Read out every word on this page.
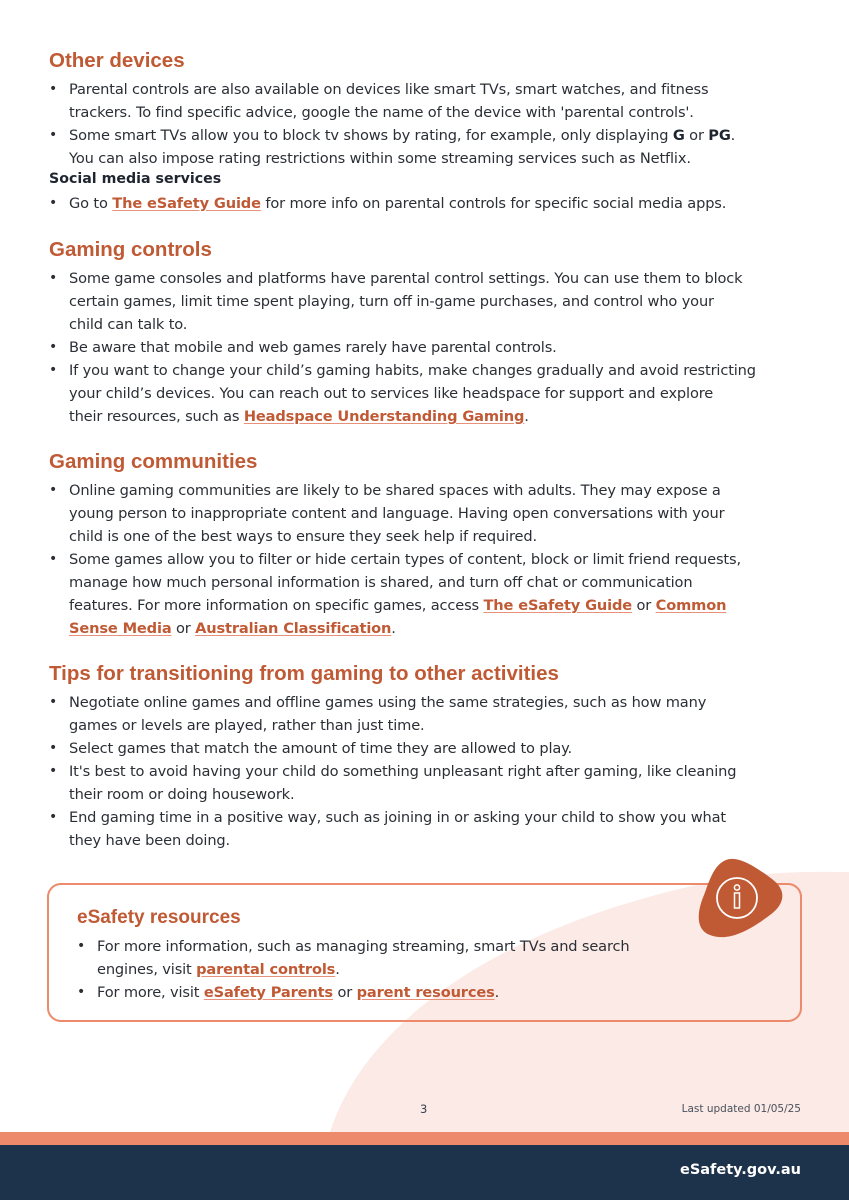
Other devices
• Parental controls are also available on devices like smart TVs, smart watches, and fitness
trackers. To find specific advice, google the name of the device with 'parental controls'.
• Some smart TVs allow you to block tv shows by rating, for example, only displaying G or PG.
You can also impose rating restrictions within some streaming services such as Netflix.
Social media services
• Go to The eSafety Guide for more info on parental controls for specific social media apps.
Gaming controls
• Some game consoles and platforms have parental control settings. You can use them to block
certain games, limit time spent playing, turn off in-game purchases, and control who your
child can talk to.
• Be aware that mobile and web games rarely have parental controls.
• If you want to change your child’s gaming habits, make changes gradually and avoid restricting
your child’s devices. You can reach out to services like headspace for support and explore
their resources, such as Headspace Understanding Gaming.
Gaming communities
• Online gaming communities are likely to be shared spaces with adults. They may expose a
young person to inappropriate content and language. Having open conversations with your
child is one of the best ways to ensure they seek help if required.
• Some games allow you to filter or hide certain types of content, block or limit friend requests,
manage how much personal information is shared, and turn off chat or communication
features. For more information on specific games, access The eSafety Guide or Common
Sense Media or Australian Classification.
Tips for transitioning from gaming to other activities
• Negotiate online games and offline games using the same strategies, such as how many
games or levels are played, rather than just time.
• Select games that match the amount of time they are allowed to play.
• It's best to avoid having your child do something unpleasant right after gaming, like cleaning
their room or doing housework.
• End gaming time in a positive way, such as joining in or asking your child to show you what
they have been doing.
eSafety resources
• For more information, such as managing streaming, smart TVs and search
engines, visit parental controls.
• For more, visit eSafety Parents or parent resources.
3	Last updated 01/05/25
eSafety.gov.au
